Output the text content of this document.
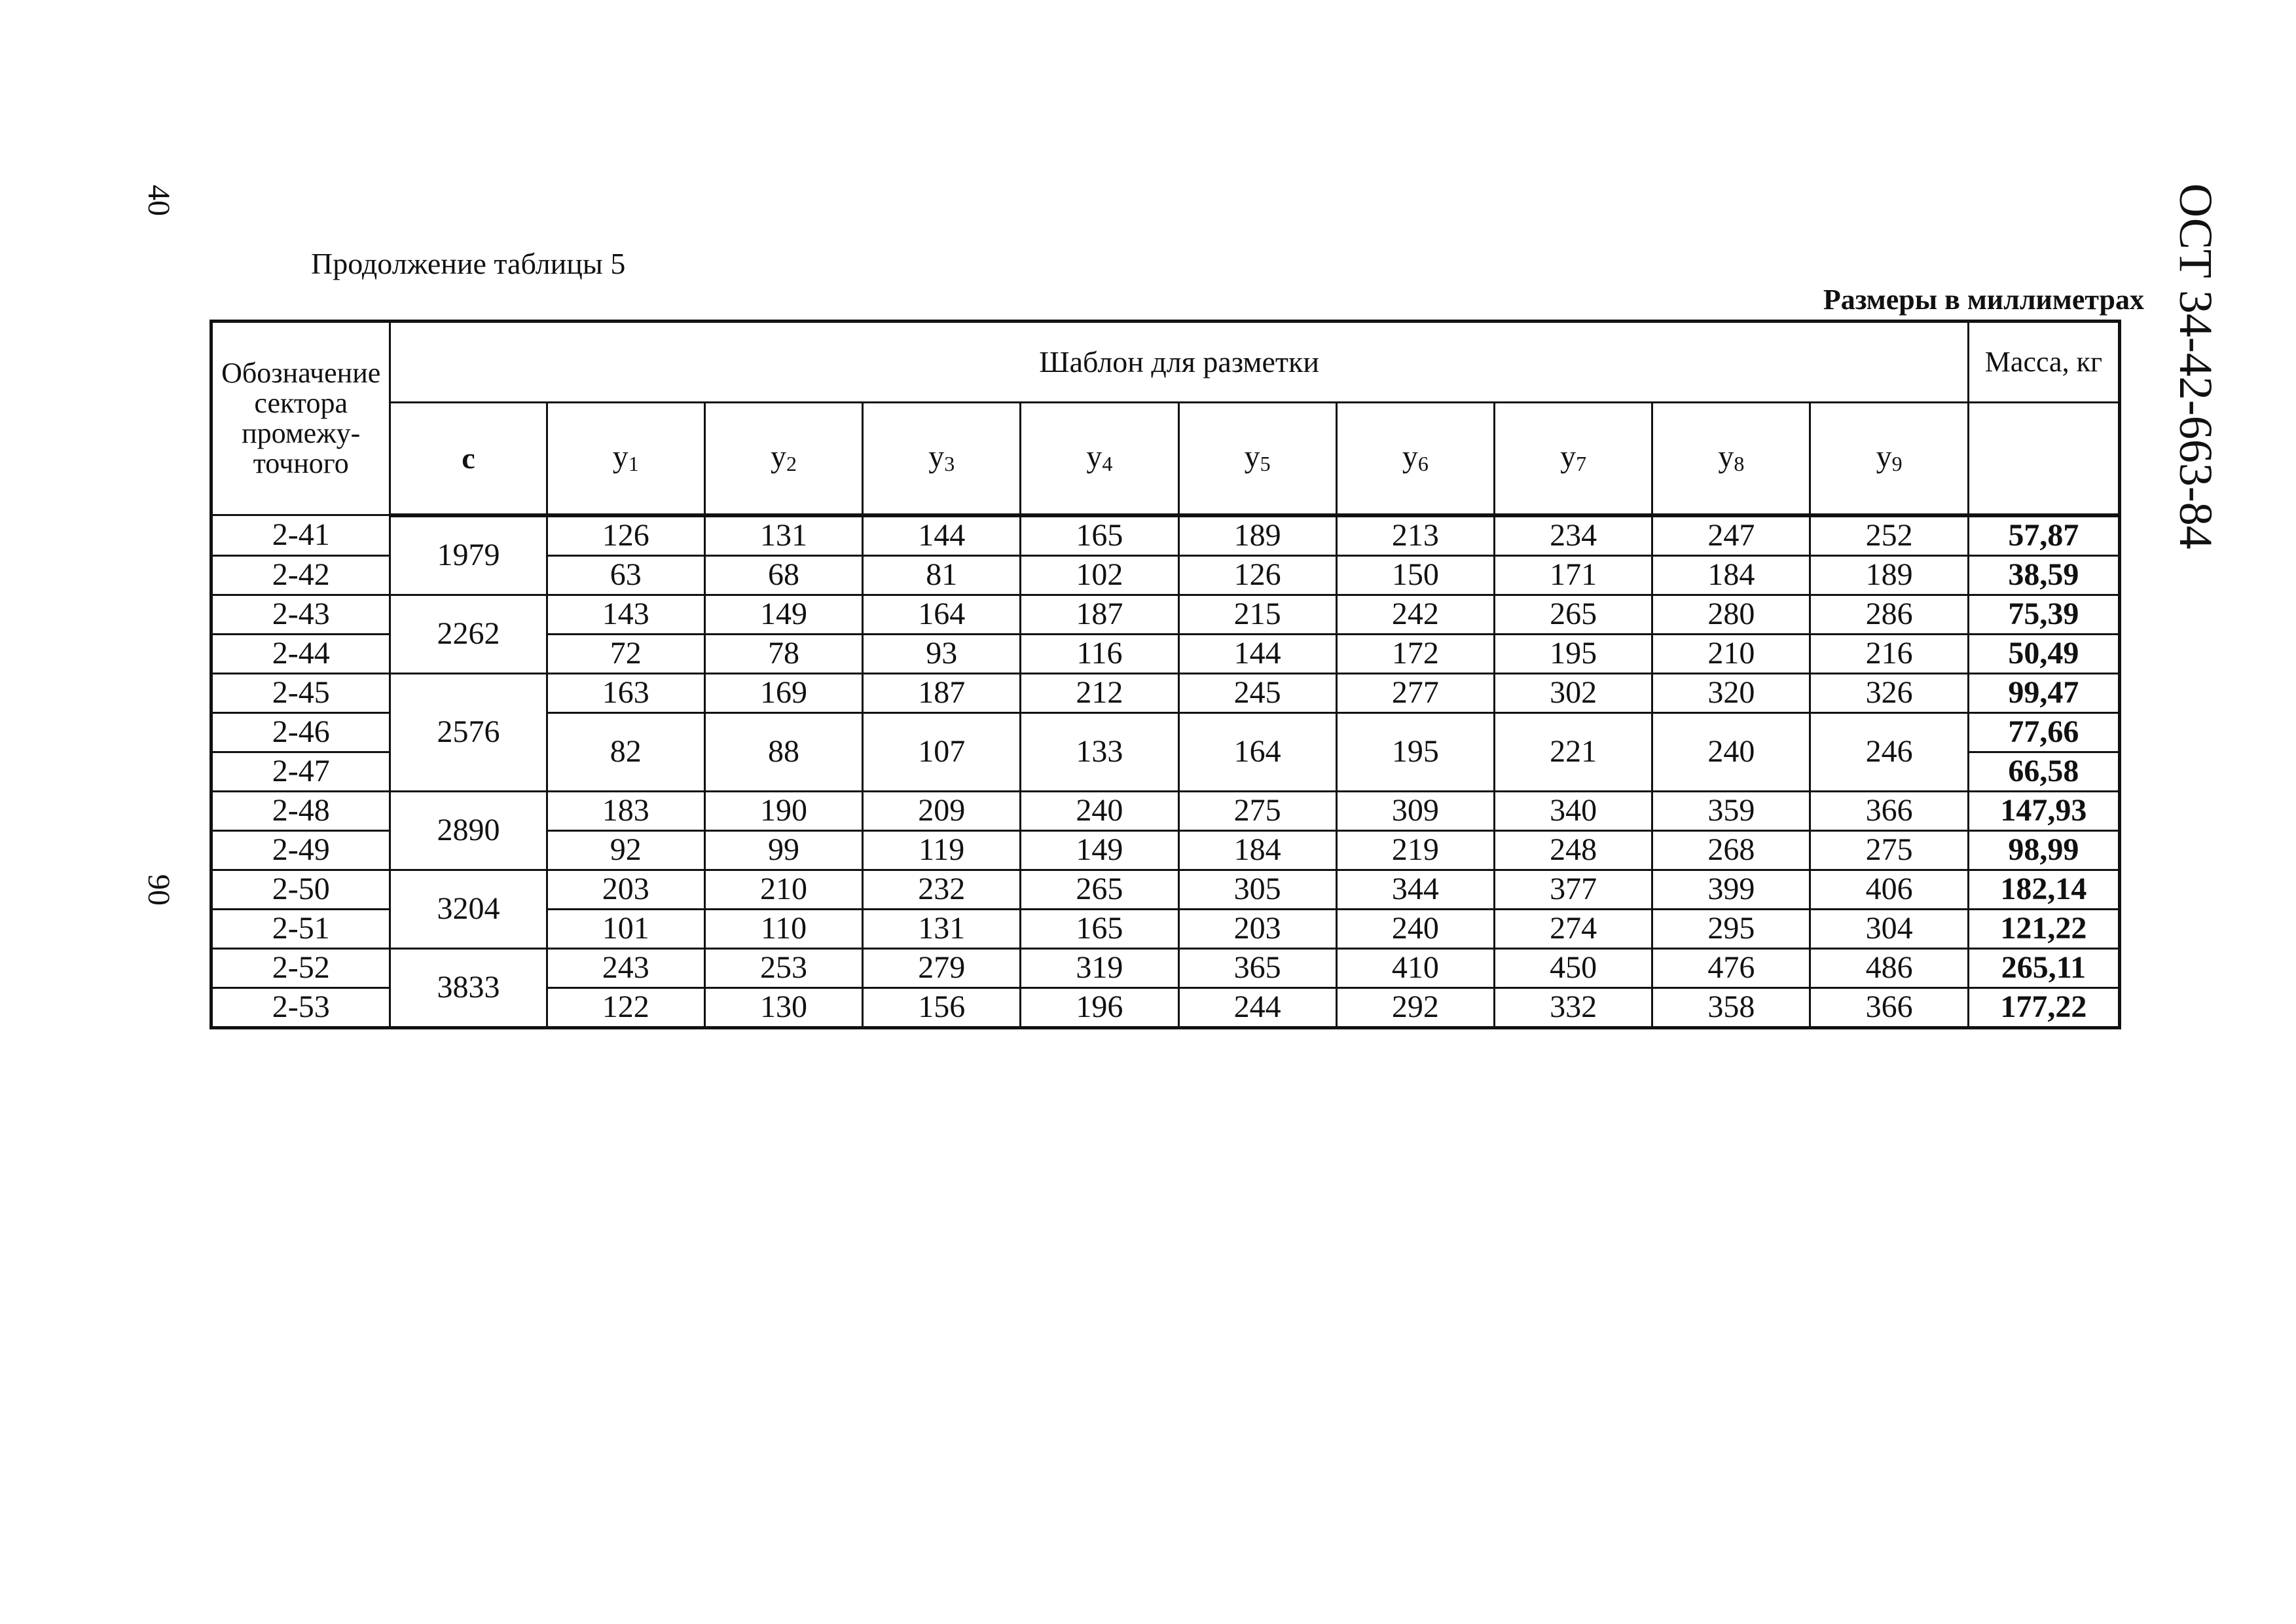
40
90
ОСТ 34-42-663-84
Продолжение таблицы 5
Размеры в миллиметрах
Обозначение сектора промежу-точного	Шаблон для разметки										Масса, кг
	с	у1	у2	у3	у4	у5	у6	у7	у8	у9	
2-41	1979	126	131	144	165	189	213	234	247	252	57,87
2-42		63	68	81	102	126	150	171	184	189	38,59
2-43	2262	143	149	164	187	215	242	265	280	286	75,39
2-44		72	78	93	116	144	172	195	210	216	50,49
2-45	2576	163	169	187	212	245	277	302	320	326	99,47
2-46		82	88	107	133	164	195	221	240	246	77,66
2-47											66,58
2-48	2890	183	190	209	240	275	309	340	359	366	147,93
2-49		92	99	119	149	184	219	248	268	275	98,99
2-50	3204	203	210	232	265	305	344	377	399	406	182,14
2-51		101	110	131	165	203	240	274	295	304	121,22
2-52	3833	243	253	279	319	365	410	450	476	486	265,11
2-53		122	130	156	196	244	292	332	358	366	177,22
